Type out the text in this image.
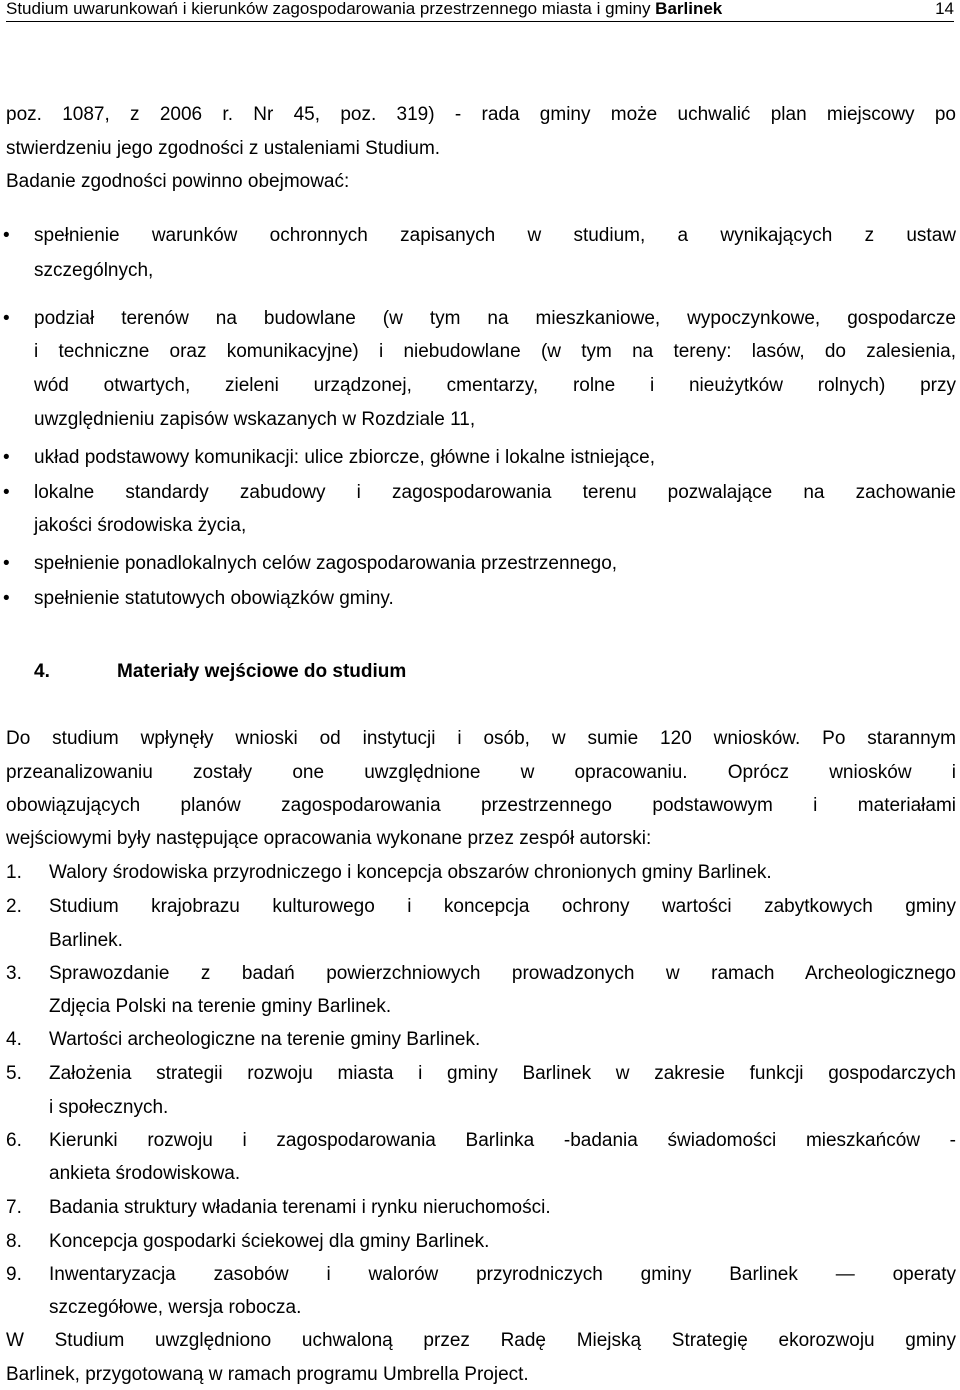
Studium uwarunkowań i kierunków zagospodarowania przestrzennego miasta i gminy Barlinek	14
poz. 1087, z 2006 r. Nr 45, poz. 319) - rada gminy może uchwalić plan miejscowy po
stwierdzeniu jego zgodności z ustaleniami Studium.
Badanie zgodności powinno obejmować:
• spełnienie warunków ochronnych zapisanych w studium, a wynikających z ustaw
szczególnych,
• podział terenów na budowlane (w tym na mieszkaniowe, wypoczynkowe, gospodarcze
i techniczne oraz komunikacyjne) i niebudowlane (w tym na tereny: lasów, do zalesienia,
wód otwartych, zieleni urządzonej, cmentarzy, rolne i nieużytków rolnych) przy
uwzględnieniu zapisów wskazanych w Rozdziale 11,
• układ podstawowy komunikacji: ulice zbiorcze, główne i lokalne istniejące,
• lokalne standardy zabudowy i zagospodarowania terenu pozwalające na zachowanie
jakości środowiska życia,
• spełnienie ponadlokalnych celów zagospodarowania przestrzennego,
• spełnienie statutowych obowiązków gminy.
4.	Materiały wejściowe do studium
Do studium wpłynęły wnioski od instytucji i osób, w sumie 120 wniosków. Po starannym
przeanalizowaniu zostały one uwzględnione w opracowaniu. Oprócz wniosków i
obowiązujących planów zagospodarowania przestrzennego podstawowym i materiałami
wejściowymi były następujące opracowania wykonane przez zespół autorski:
1. Walory środowiska przyrodniczego i koncepcja obszarów chronionych gminy Barlinek.
2. Studium krajobrazu kulturowego i koncepcja ochrony wartości zabytkowych gminy
Barlinek.
3. Sprawozdanie z badań powierzchniowych prowadzonych w ramach Archeologicznego
Zdjęcia Polski na terenie gminy Barlinek.
4. Wartości archeologiczne na terenie gminy Barlinek.
5. Założenia strategii rozwoju miasta i gminy Barlinek w zakresie funkcji gospodarczych
i społecznych.
6. Kierunki rozwoju i zagospodarowania Barlinka -badania świadomości mieszkańców -
ankieta środowiskowa.
7. Badania struktury władania terenami i rynku nieruchomości.
8. Koncepcja gospodarki ściekowej dla gminy Barlinek.
9. Inwentaryzacja zasobów i walorów przyrodniczych gminy Barlinek — operaty
szczegółowe, wersja robocza.
W Studium uwzględniono uchwaloną przez Radę Miejską Strategię ekorozwoju gminy
Barlinek, przygotowaną w ramach programu Umbrella Project.
